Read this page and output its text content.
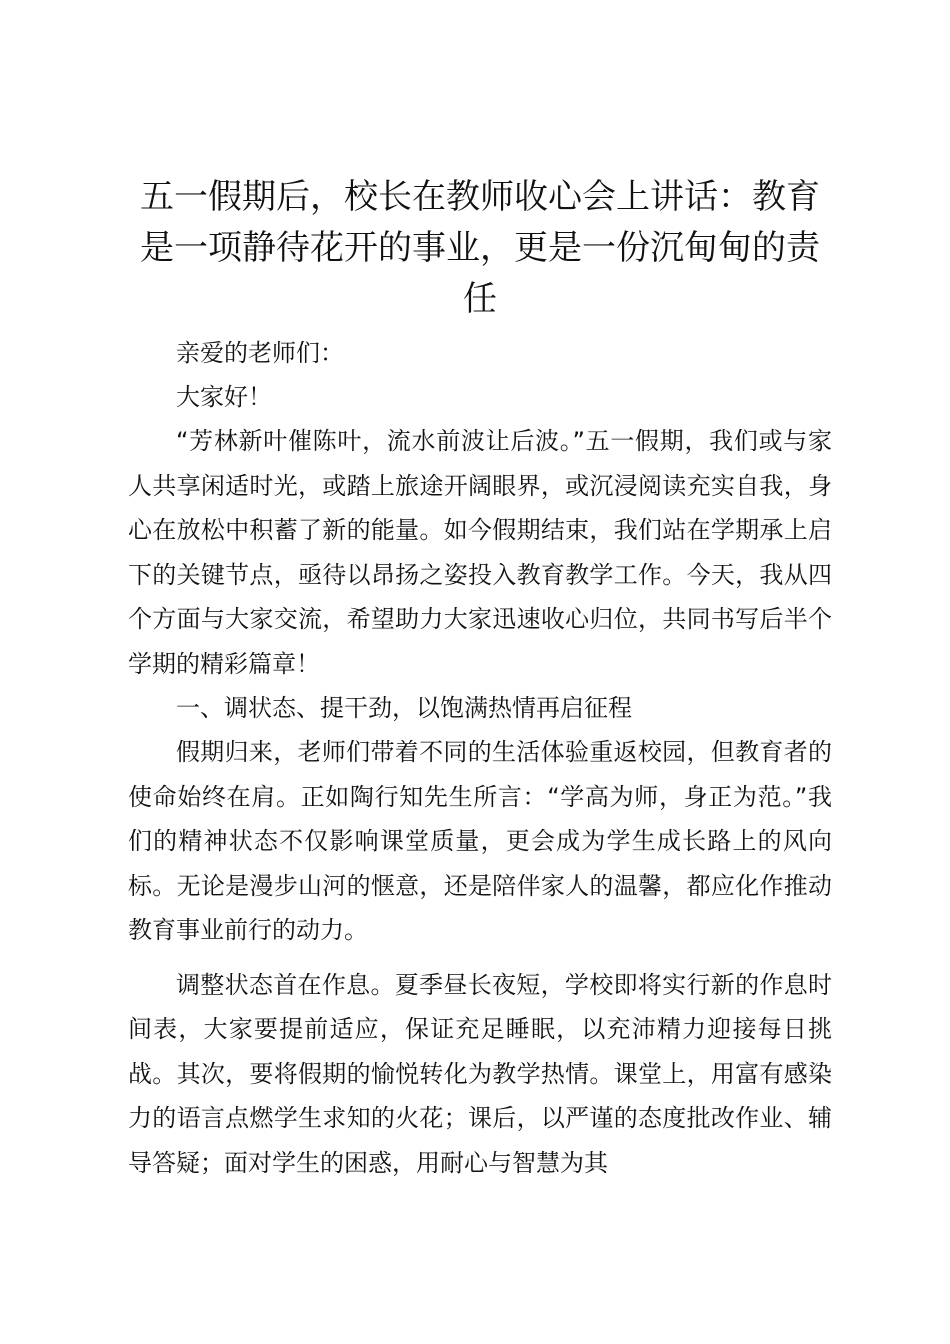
五一假期后，校长在教师收心会上讲话：教育是一项静待花开的事业，更是一份沉甸甸的责任

亲爱的老师们：

大家好！

“芳林新叶催陈叶，流水前波让后波。”五一假期，我们或与家人共享闲适时光，或踏上旅途开阔眼界，或沉浸阅读充实自我，身心在放松中积蓄了新的能量。如今假期结束，我们站在学期承上启下的关键节点，亟待以昂扬之姿投入教育教学工作。今天，我从四个方面与大家交流，希望助力大家迅速收心归位，共同书写后半个学期的精彩篇章！

一、调状态、提干劲，以饱满热情再启征程

假期归来，老师们带着不同的生活体验重返校园，但教育者的使命始终在肩。正如陶行知先生所言：“学高为师，身正为范。”我们的精神状态不仅影响课堂质量，更会成为学生成长路上的风向标。无论是漫步山河的惬意，还是陪伴家人的温馨，都应化作推动教育事业前行的动力。

调整状态首在作息。夏季昼长夜短，学校即将实行新的作息时间表，大家要提前适应，保证充足睡眠，以充沛精力迎接每日挑战。其次，要将假期的愉悦转化为教学热情。课堂上，用富有感染力的语言点燃学生求知的火花；课后，以严谨的态度批改作业、辅导答疑；面对学生的困惑，用耐心与智慧为其
